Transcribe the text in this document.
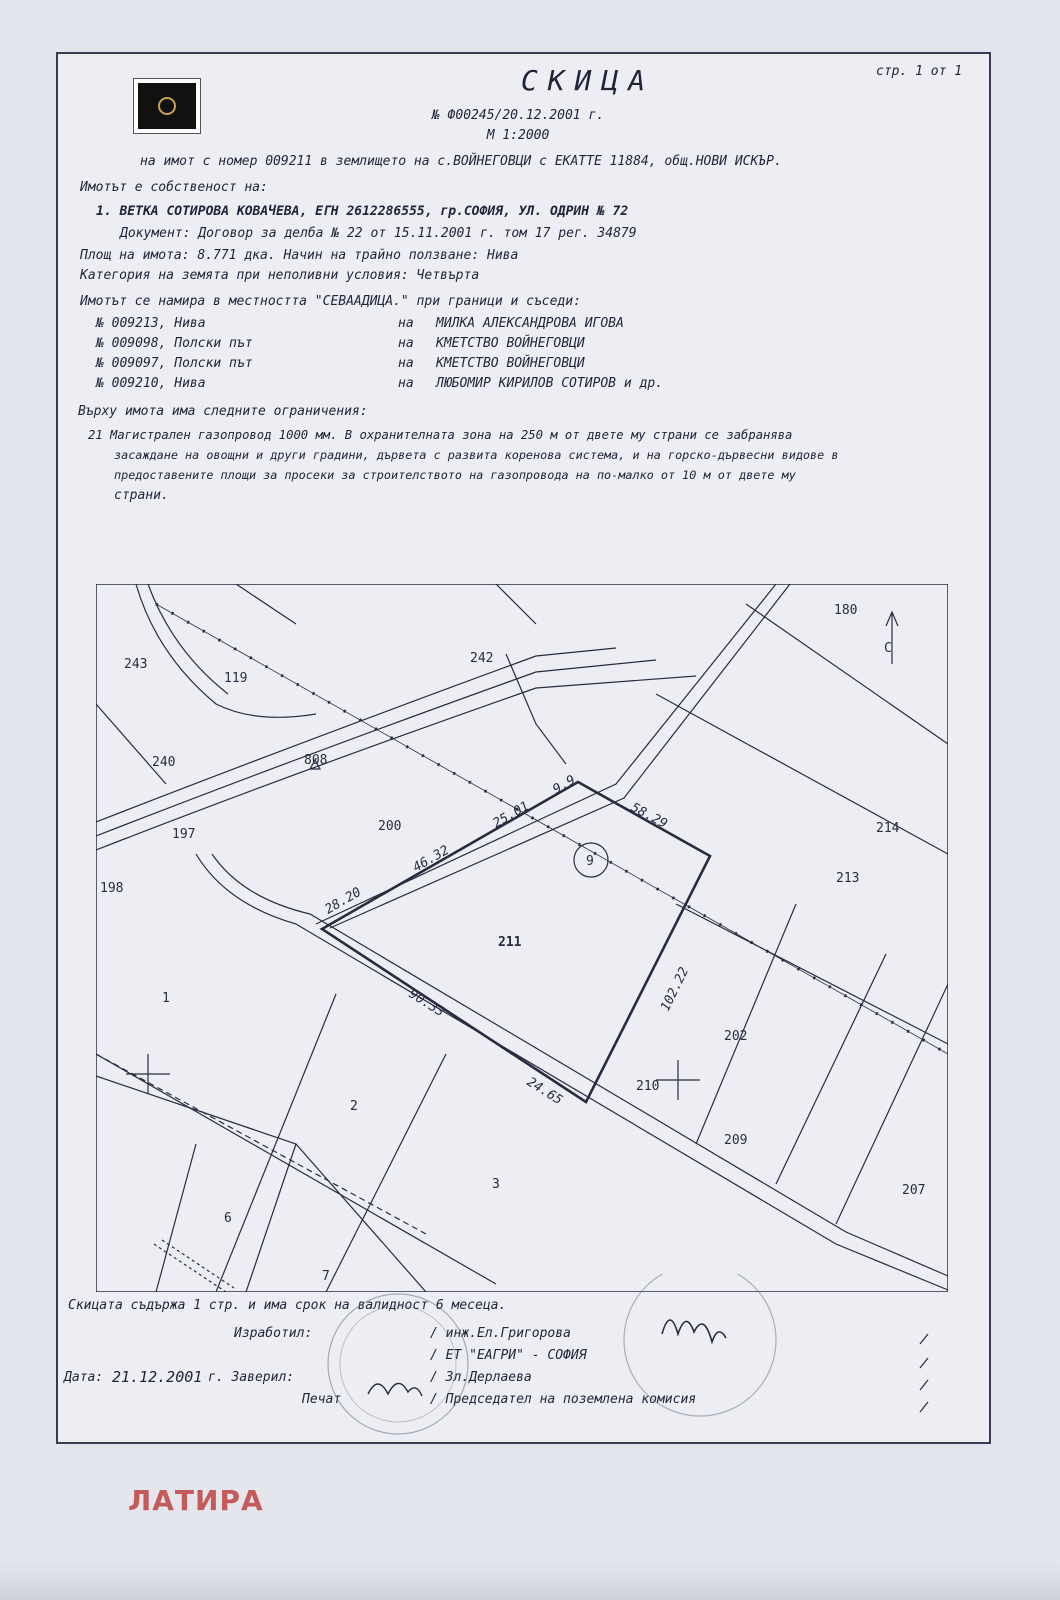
стр. 1 от 1
СКИЦА
№ Ф00245/20.12.2001 г.
М 1:2000
на имот с номер 009211 в землището на с.ВОЙНЕГОВЦИ с ЕКАТТЕ 11884, общ.НОВИ ИСКЪР.
Имотът е собственост на:
1. ВЕТКА СОТИРОВА КОВАЧЕВА, ЕГН 2612286555, гр.СОФИЯ, УЛ. ОДРИН № 72
Документ: Договор за делба № 22 от 15.11.2001 г. том 17 рег. 34879
Площ на имота: 8.771 дка. Начин на трайно ползване: Нива
Категория на земята при неполивни условия: Четвърта
Имотът се намира в местността "СЕВААДИЦА." при граници и съседи:
№ 009213, Нива	на МИЛКА АЛЕКСАНДРОВА ИГОВА
№ 009098, Полски път	на КМЕТСТВО ВОЙНЕГОВЦИ
№ 009097, Полски път	на КМЕТСТВО ВОЙНЕГОВЦИ
№ 009210, Нива	на ЛЮБОМИР КИРИЛОВ СОТИРОВ и др.
Върху имота има следните ограничения:
21 Магистрален газопровод 1000 мм. В охранителната зона на 250 м от двете му страни се забранява
засаждане на овощни и други градини, дървета с развита коренова система, и на горско-дървесни видове в
предоставените площи за просеки за строителството на газопровода на по-малко от 10 м от двете му
страни.
243
119
242
180
240
197
200
198
211
214
213
1
202
210
209
2
3
6
7
207
58.29
46.32
28.20
102.22
90.33
24.65
25.01
9.9
808
9
С
Скицата съдържа 1 стр. и има срок на валидност 6 месеца.
Изработил:	/ инж.Ел.Григорова
/ ЕТ "ЕАГРИ" - СОФИЯ
Дата: 21.12.2001 г. Заверил:	/ Зл.Дерлаева
Печат	/ Председател на поземлена комисия
ЛАТИРА
